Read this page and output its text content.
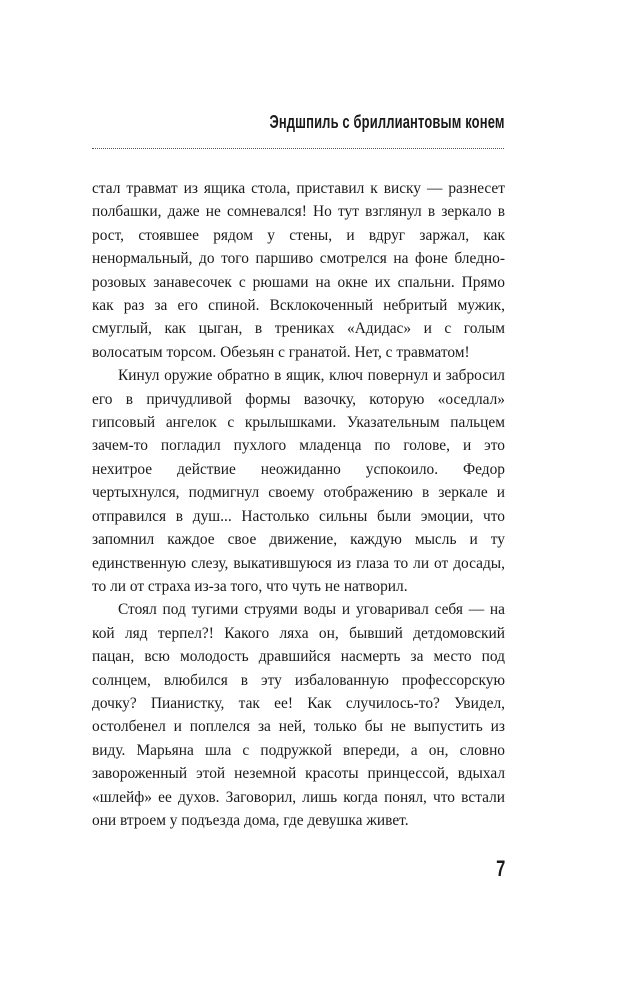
Эндшпиль с бриллиантовым конем

стал травмат из ящика стола, приставил к виску — разнесет полбашки, даже не сомневался! Но тут взглянул в зеркало в рост, стоявшее рядом у стены, и вдруг заржал, как ненормальный, до того паршиво смотрелся на фоне бледно-розовых занавесочек с рюшами на окне их спальни. Прямо как раз за его спиной. Всклокоченный небритый мужик, смуглый, как цыган, в трениках «Адидас» и с голым волосатым торсом. Обезьян с гранатой. Нет, с травматом!

Кинул оружие обратно в ящик, ключ повернул и забросил его в причудливой формы вазочку, которую «оседлал» гипсовый ангелок с крылышками. Указательным пальцем зачем-то погладил пухлого младенца по голове, и это нехитрое действие неожиданно успокоило. Федор чертыхнулся, подмигнул своему отображению в зеркале и отправился в душ... Настолько сильны были эмоции, что запомнил каждое свое движение, каждую мысль и ту единственную слезу, выкатившуюся из глаза то ли от досады, то ли от страха из-за того, что чуть не натворил.

Стоял под тугими струями воды и уговаривал себя — на кой ляд терпел?! Какого ляха он, бывший детдомовский пацан, всю молодость дравшийся насмерть за место под солнцем, влюбился в эту избалованную профессорскую дочку? Пианистку, так ее! Как случилось-то? Увидел, остолбенел и поплелся за ней, только бы не выпустить из виду. Марьяна шла с подружкой впереди, а он, словно завороженный этой неземной красоты принцессой, вдыхал «шлейф» ее духов. Заговорил, лишь когда понял, что встали они втроем у подъезда дома, где девушка живет.

7
